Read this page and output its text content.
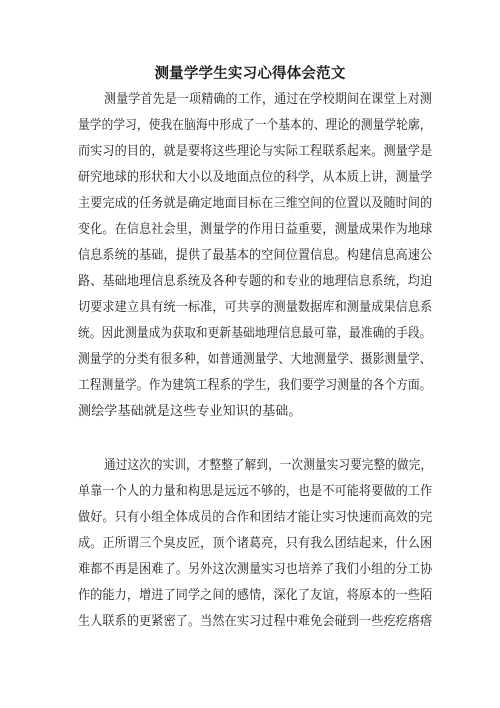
测量学学生实习心得体会范文
测量学首先是一项精确的工作，通过在学校期间在课堂上对测
量学的学习，使我在脑海中形成了一个基本的、理论的测量学轮廓，
而实习的目的，就是要将这些理论与实际工程联系起来。测量学是
研究地球的形状和大小以及地面点位的科学，从本质上讲，测量学
主要完成的任务就是确定地面目标在三维空间的位置以及随时间的
变化。在信息社会里，测量学的作用日益重要，测量成果作为地球
信息系统的基础，提供了最基本的空间位置信息。构建信息高速公
路、基础地理信息系统及各种专题的和专业的地理信息系统，均迫
切要求建立具有统一标准，可共享的测量数据库和测量成果信息系
统。因此测量成为获取和更新基础地理信息最可靠，最准确的手段。
测量学的分类有很多种，如普通测量学、大地测量学、摄影测量学、
工程测量学。作为建筑工程系的学生，我们要学习测量的各个方面。
测绘学基础就是这些专业知识的基础。
通过这次的实训，才整整了解到，一次测量实习要完整的做完，
单靠一个人的力量和构思是远远不够的，也是不可能将要做的工作
做好。只有小组全体成员的合作和团结才能让实习快速而高效的完
成。正所谓三个臭皮匠，顶个诸葛亮，只有我么团结起来，什么困
难都不再是困难了。另外这次测量实习也培养了我们小组的分工协
作的能力，增进了同学之间的感情，深化了友谊，将原本的一些陌
生人联系的更紧密了。当然在实习过程中难免会碰到一些疙疙瘩瘩
